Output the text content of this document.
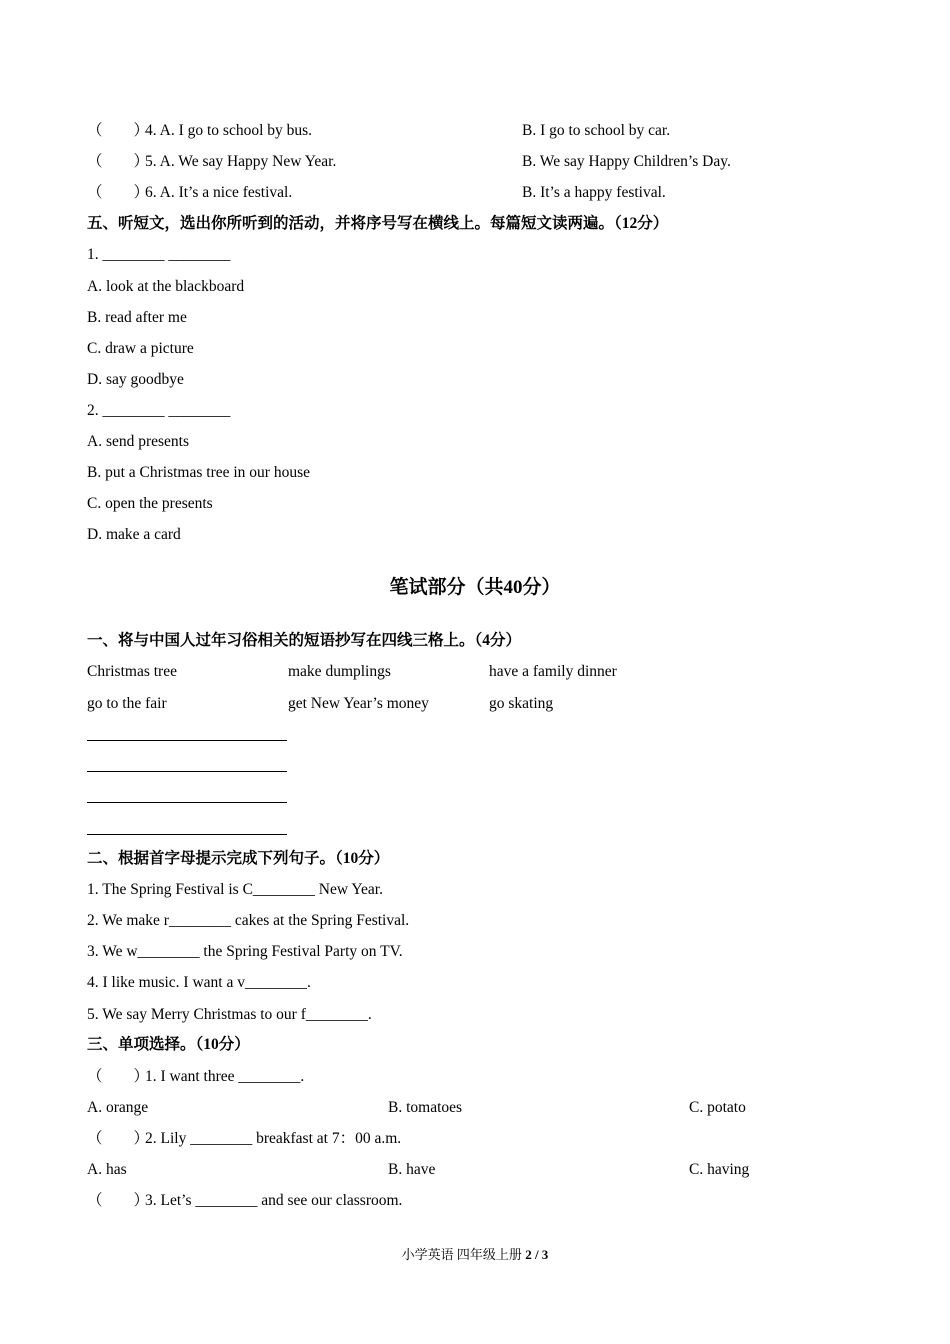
（　　）4. A. I go to school by bus.	B. I go to school by car.
（　　）5. A. We say Happy New Year.	B. We say Happy Children’s Day.
（　　）6. A. It’s a nice festival.	B. It’s a happy festival.
五、听短文，选出你所听到的活动，并将序号写在横线上。每篇短文读两遍。（12分）
1. ________ ________
A. look at the blackboard
B. read after me
C. draw a picture
D. say goodbye
2. ________ ________
A. send presents
B. put a Christmas tree in our house
C. open the presents
D. make a card
笔试部分（共40分）
一、将与中国人过年习俗相关的短语抄写在四线三格上。（4分）
Christmas tree	make dumplings	have a family dinner
go to the fair	get New Year’s money	go skating
二、根据首字母提示完成下列句子。（10分）
1. The Spring Festival is C________ New Year.
2. We make r________ cakes at the Spring Festival.
3. We w________ the Spring Festival Party on TV.
4. I like music. I want a v________.
5. We say Merry Christmas to our f________.
三、单项选择。（10分）
（　　）1. I want three ________.
A. orange	B. tomatoes	C. potato
（　　）2. Lily ________ breakfast at 7：00 a.m.
A. has	B. have	C. having
（　　）3. Let’s ________ and see our classroom.
小学英语 四年级上册 2 / 3
